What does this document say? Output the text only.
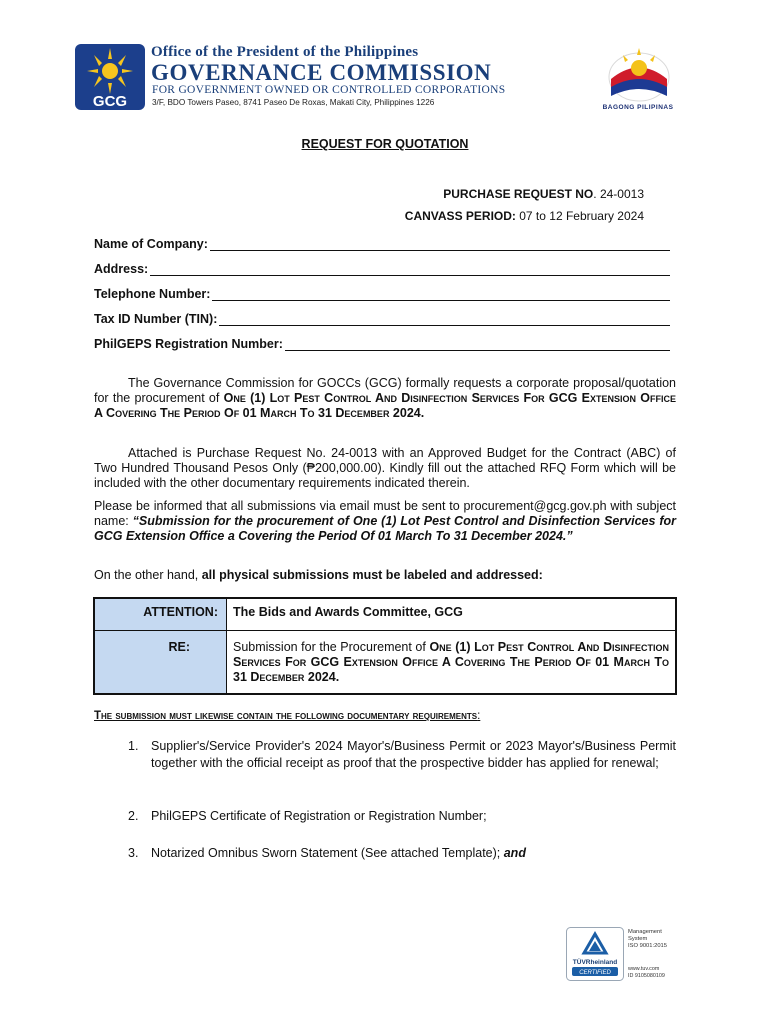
GCG
Office of the President of the Philippines
GOVERNANCE COMMISSION
FOR GOVERNMENT OWNED OR CONTROLLED CORPORATIONS
3/F, BDO Towers Paseo, 8741 Paseo De Roxas, Makati City, Philippines 1226
BAGONG PILIPINAS
REQUEST FOR QUOTATION
PURCHASE REQUEST NO. 24-0013
CANVASS PERIOD: 07 to 12 February 2024
Name of Company:
Address:
Telephone Number:
Tax ID Number (TIN):
PhilGEPS Registration Number:
The Governance Commission for GOCCs (GCG) formally requests a corporate proposal/quotation for the procurement of One (1) Lot Pest Control And Disinfection Services For GCG Extension Office A Covering The Period Of 01 March To 31 December 2024.
Attached is Purchase Request No. 24-0013 with an Approved Budget for the Contract (ABC) of Two Hundred Thousand Pesos Only (₱200,000.00). Kindly fill out the attached RFQ Form which will be included with the other documentary requirements indicated therein.
Please be informed that all submissions via email must be sent to procurement@gcg.gov.ph with subject name: “Submission for the procurement of One (1) Lot Pest Control and Disinfection Services for GCG Extension Office a Covering the Period Of 01 March To 31 December 2024.”
On the other hand, all physical submissions must be labeled and addressed:
ATTENTION:	The Bids and Awards Committee, GCG
RE:	Submission for the Procurement of One (1) Lot Pest Control And Disinfection Services For GCG Extension Office A Covering The Period Of 01 March To 31 December 2024.
The submission must likewise contain the following documentary requirements:
1.	Supplier's/Service Provider's 2024 Mayor's/Business Permit or 2023 Mayor's/Business Permit together with the official receipt as proof that the prospective bidder has applied for renewal;
2.	PhilGEPS Certificate of Registration or Registration Number;
3.	Notarized Omnibus Sworn Statement (See attached Template); and
TÜVRheinland
CERTIFIED
Management
System
ISO 9001:2015
www.tuv.com
ID 9105080109
